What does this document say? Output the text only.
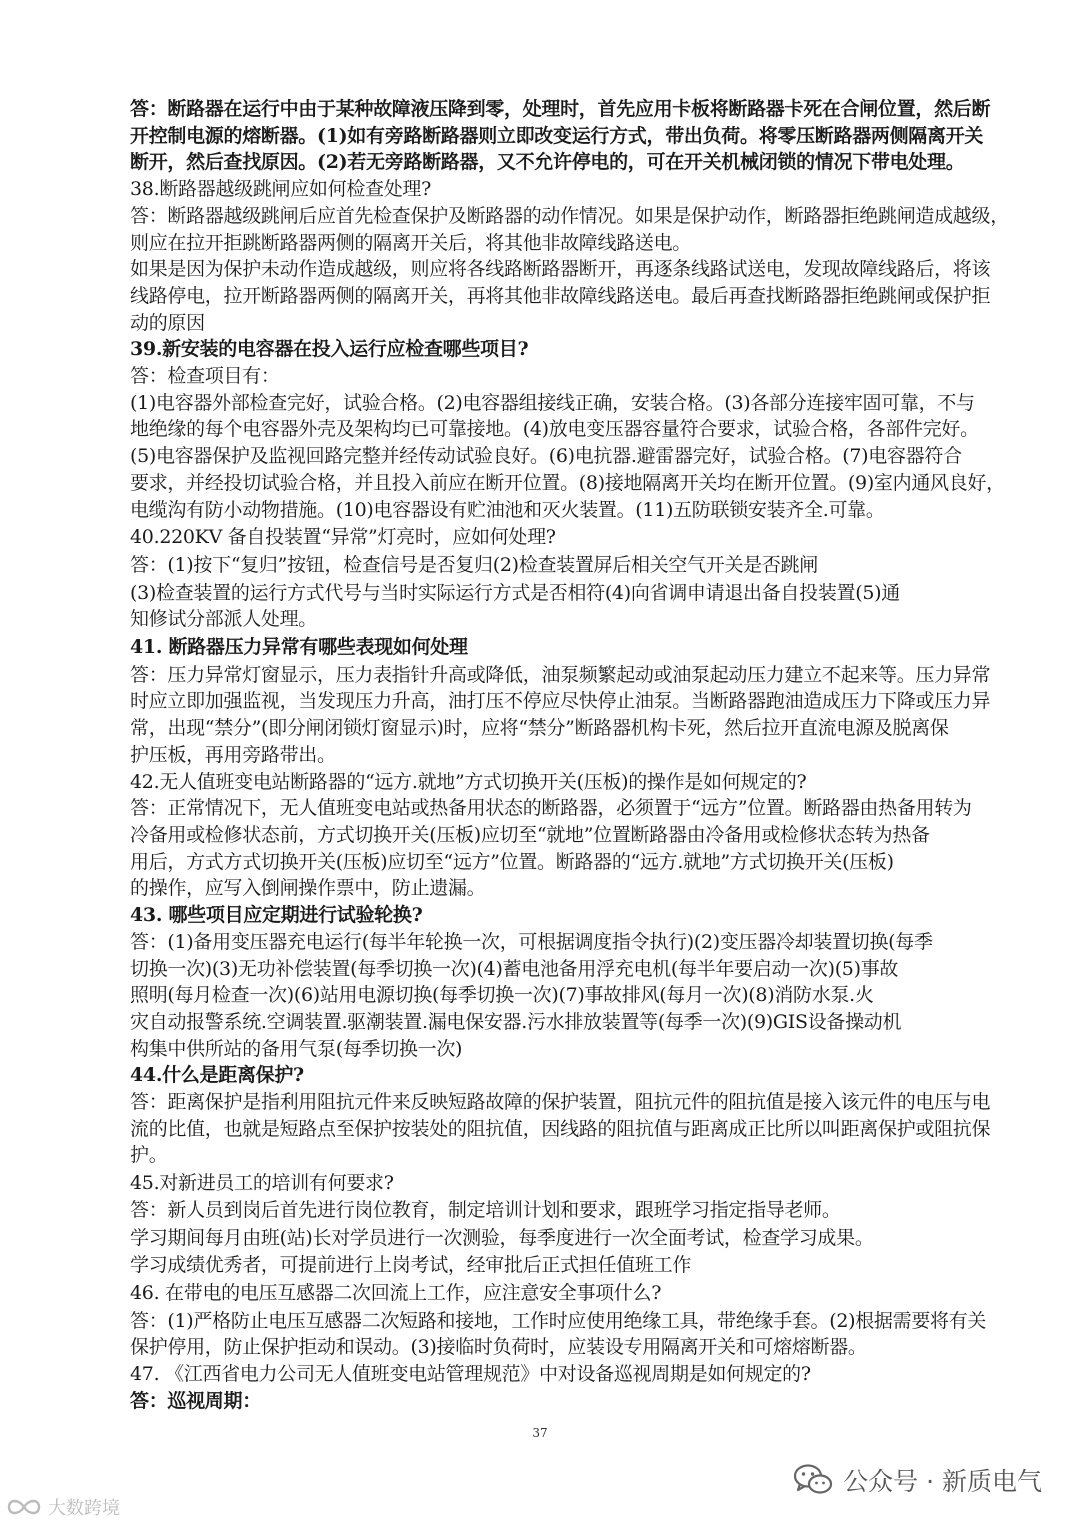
答：断路器在运行中由于某种故障液压降到零，处理时，首先应用卡板将断路器卡死在合闸位置，然后断
开控制电源的熔断器。(1)如有旁路断路器则立即改变运行方式，带出负荷。将零压断路器两侧隔离开关
断开，然后查找原因。(2)若无旁路断路器，又不允许停电的，可在开关机械闭锁的情况下带电处理。
38.断路器越级跳闸应如何检查处理?
答：断路器越级跳闸后应首先检查保护及断路器的动作情况。如果是保护动作，断路器拒绝跳闸造成越级，
则应在拉开拒跳断路器两侧的隔离开关后，将其他非故障线路送电。
如果是因为保护未动作造成越级，则应将各线路断路器断开，再逐条线路试送电，发现故障线路后，将该
线路停电，拉开断路器两侧的隔离开关，再将其他非故障线路送电。最后再查找断路器拒绝跳闸或保护拒
动的原因
39.新安装的电容器在投入运行应检查哪些项目?
答：检查项目有：
(1)电容器外部检查完好，试验合格。(2)电容器组接线正确，安装合格。(3)各部分连接牢固可靠，不与
地绝缘的每个电容器外壳及架构均已可靠接地。(4)放电变压器容量符合要求，试验合格，各部件完好。
(5)电容器保护及监视回路完整并经传动试验良好。(6)电抗器.避雷器完好，试验合格。(7)电容器符合
要求，并经投切试验合格，并且投入前应在断开位置。(8)接地隔离开关均在断开位置。(9)室内通风良好，
电缆沟有防小动物措施。(10)电容器设有贮油池和灭火装置。(11)五防联锁安装齐全.可靠。
40.220KV 备自投装置“异常”灯亮时，应如何处理?
答：(1)按下“复归”按钮，检查信号是否复归(2)检查装置屏后相关空气开关是否跳闸
(3)检查装置的运行方式代号与当时实际运行方式是否相符(4)向省调申请退出备自投装置(5)通
知修试分部派人处理。
41. 断路器压力异常有哪些表现如何处理
答：压力异常灯窗显示，压力表指针升高或降低，油泵频繁起动或油泵起动压力建立不起来等。压力异常
时应立即加强监视，当发现压力升高，油打压不停应尽快停止油泵。当断路器跑油造成压力下降或压力异
常，出现“禁分”(即分闸闭锁灯窗显示)时，应将“禁分”断路器机构卡死，然后拉开直流电源及脱离保
护压板，再用旁路带出。
42.无人值班变电站断路器的“远方.就地”方式切换开关(压板)的操作是如何规定的?
答：正常情况下，无人值班变电站或热备用状态的断路器，必须置于“远方”位置。断路器由热备用转为
冷备用或检修状态前，方式切换开关(压板)应切至“就地”位置断路器由冷备用或检修状态转为热备
用后，方式方式切换开关(压板)应切至“远方”位置。断路器的“远方.就地”方式切换开关(压板)
的操作，应写入倒闸操作票中，防止遗漏。
43. 哪些项目应定期进行试验轮换?
答：(1)备用变压器充电运行(每半年轮换一次，可根据调度指令执行)(2)变压器冷却装置切换(每季
切换一次)(3)无功补偿装置(每季切换一次)(4)蓄电池备用浮充电机(每半年要启动一次)(5)事故
照明(每月检查一次)(6)站用电源切换(每季切换一次)(7)事故排风(每月一次)(8)消防水泵.火
灾自动报警系统.空调装置.驱潮装置.漏电保安器.污水排放装置等(每季一次)(9)GIS设备操动机
构集中供所站的备用气泵(每季切换一次)
44.什么是距离保护?
答：距离保护是指利用阻抗元件来反映短路故障的保护装置，阻抗元件的阻抗值是接入该元件的电压与电
流的比值，也就是短路点至保护按装处的阻抗值，因线路的阻抗值与距离成正比所以叫距离保护或阻抗保
护。
45.对新进员工的培训有何要求?
答：新人员到岗后首先进行岗位教育，制定培训计划和要求，跟班学习指定指导老师。
学习期间每月由班(站)长对学员进行一次测验，每季度进行一次全面考试，检查学习成果。
学习成绩优秀者，可提前进行上岗考试，经审批后正式担任值班工作
46. 在带电的电压互感器二次回流上工作，应注意安全事项什么?
答：(1)严格防止电压互感器二次短路和接地，工作时应使用绝缘工具，带绝缘手套。(2)根据需要将有关
保护停用，防止保护拒动和误动。(3)接临时负荷时，应装设专用隔离开关和可熔熔断器。
47. 《江西省电力公司无人值班变电站管理规范》中对设备巡视周期是如何规定的?
答：巡视周期：
37
公众号 · 新质电气
大数跨境
